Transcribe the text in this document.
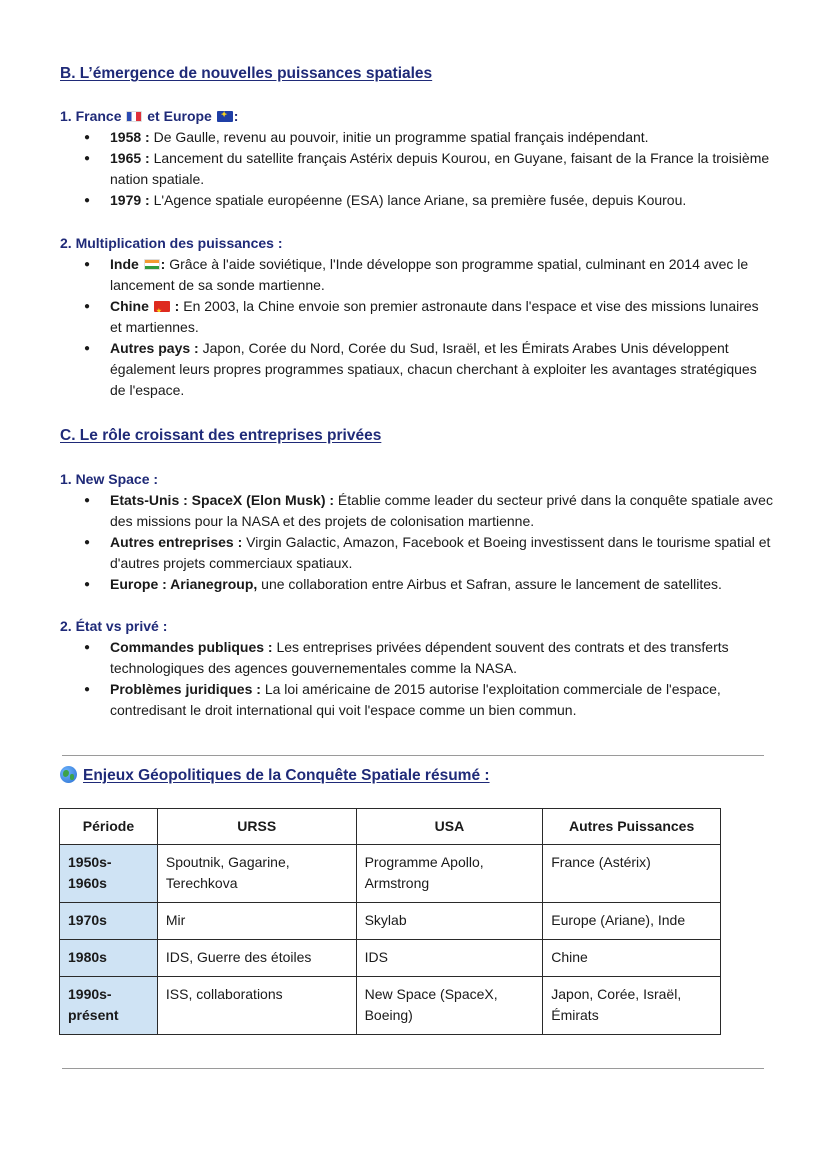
B. L’émergence de nouvelles puissances spatiales
1. France  et Europe ✦:
● 1958 : De Gaulle, revenu au pouvoir, initie un programme spatial français indépendant.
● 1965 : Lancement du satellite français Astérix depuis Kourou, en Guyane, faisant de la France la troisième nation spatiale.
● 1979 : L'Agence spatiale européenne (ESA) lance Ariane, sa première fusée, depuis Kourou.
2. Multiplication des puissances :
● Inde : Grâce à l'aide soviétique, l'Inde développe son programme spatial, culminant en 2014 avec le lancement de sa sonde martienne.
● Chine ★ : En 2003, la Chine envoie son premier astronaute dans l'espace et vise des missions lunaires et martiennes.
● Autres pays : Japon, Corée du Nord, Corée du Sud, Israël, et les Émirats Arabes Unis développent également leurs propres programmes spatiaux, chacun cherchant à exploiter les avantages stratégiques de l'espace.
C. Le rôle croissant des entreprises privées
1. New Space :
● Etats-Unis : SpaceX (Elon Musk) : Établie comme leader du secteur privé dans la conquête spatiale avec des missions pour la NASA et des projets de colonisation martienne.
● Autres entreprises : Virgin Galactic, Amazon, Facebook et Boeing investissent dans le tourisme spatial et d'autres projets commerciaux spatiaux.
● Europe : Arianegroup, une collaboration entre Airbus et Safran, assure le lancement de satellites.
2. État vs privé :
● Commandes publiques : Les entreprises privées dépendent souvent des contrats et des transferts technologiques des agences gouvernementales comme la NASA.
● Problèmes juridiques : La loi américaine de 2015 autorise l'exploitation commerciale de l'espace, contredisant le droit international qui voit l'espace comme un bien commun.
Enjeux Géopolitiques de la Conquête Spatiale résumé :
Période	URSS	USA	Autres Puissances
1950s-1960s	Spoutnik, Gagarine, Terechkova	Programme Apollo, Armstrong	France (Astérix)
1970s	Mir	Skylab	Europe (Ariane), Inde
1980s	IDS, Guerre des étoiles	IDS	Chine
1990s-présent	ISS, collaborations	New Space (SpaceX, Boeing)	Japon, Corée, Israël, Émirats
